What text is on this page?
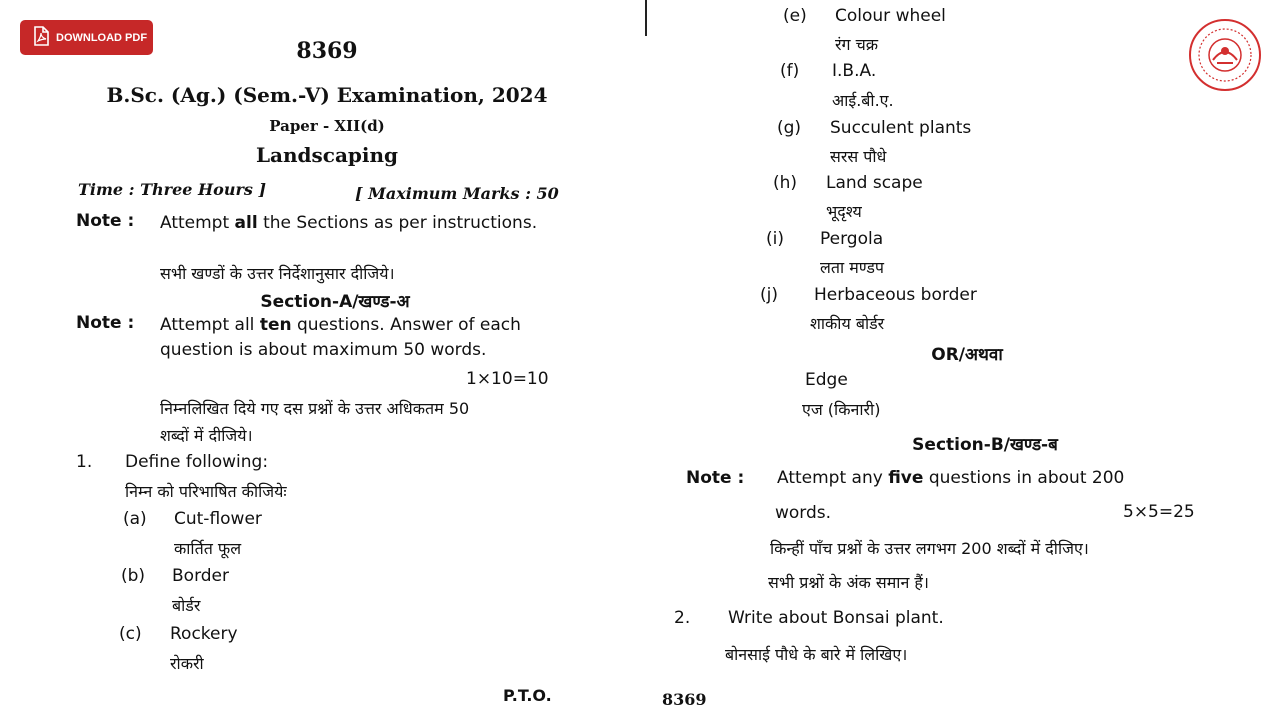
DOWNLOAD PDF
8369
B.Sc. (Ag.) (Sem.-V) Examination, 2024
Paper - XII(d)
Landscaping
Time : Three Hours ]	[ Maximum Marks : 50
Note : Attempt all the Sections as per instructions.
सभी खण्डों के उत्तर निर्देशानुसार दीजिये।
Section-A/खण्ड-अ
Note : Attempt all ten questions. Answer of each question is about maximum 50 words.
1×10=10
निम्नलिखित दिये गए दस प्रश्नों के उत्तर अधिकतम 50
शब्दों में दीजिये।
1. Define following:
निम्न को परिभाषित कीजियेः
(a) Cut-flower
कार्तित फूल
(b) Border
बोर्डर
(c) Rockery
रोकरी
P.T.O.
(e) Colour wheel
रंग चक्र
(f) I.B.A.
आई.बी.ए.
(g) Succulent plants
सरस पौधे
(h) Land scape
भूदृश्य
(i) Pergola
लता मण्डप
(j) Herbaceous border
शाकीय बोर्डर
OR/अथवा
Edge
एज (किनारी)
Section-B/खण्ड-ब
Note : Attempt any five questions in about 200
words.	5×5=25
किन्हीं पाँच प्रश्नों के उत्तर लगभग 200 शब्दों में दीजिए।
सभी प्रश्नों के अंक समान हैं।
2. Write about Bonsai plant.
बोनसाई पौधे के बारे में लिखिए।
8369
